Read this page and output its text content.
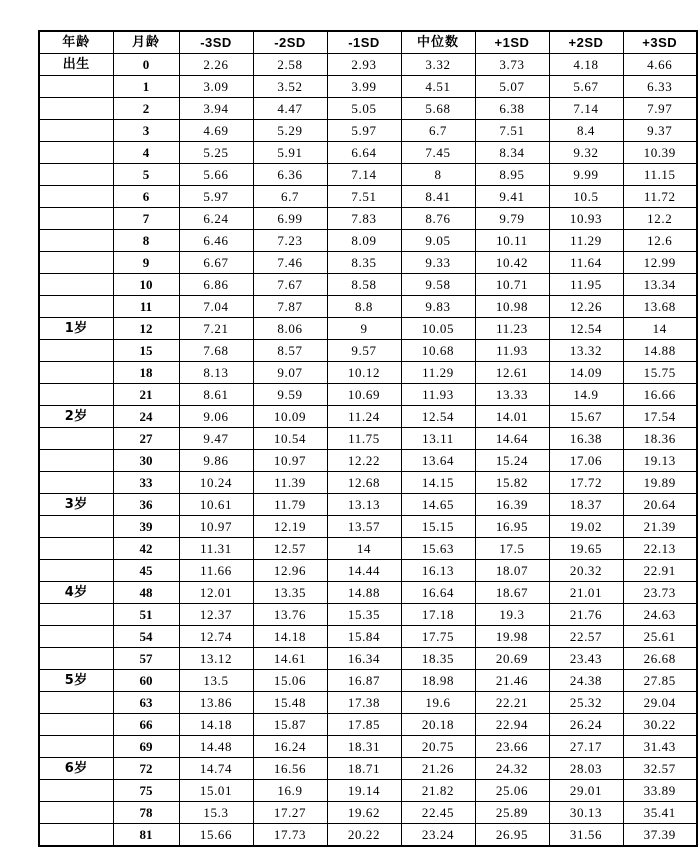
年龄	月龄	-3SD	-2SD	-1SD	中位数	+1SD	+2SD	+3SD
出生	0	2.26	2.58	2.93	3.32	3.73	4.18	4.66
	1	3.09	3.52	3.99	4.51	5.07	5.67	6.33
	2	3.94	4.47	5.05	5.68	6.38	7.14	7.97
	3	4.69	5.29	5.97	6.7	7.51	8.4	9.37
	4	5.25	5.91	6.64	7.45	8.34	9.32	10.39
	5	5.66	6.36	7.14	8	8.95	9.99	11.15
	6	5.97	6.7	7.51	8.41	9.41	10.5	11.72
	7	6.24	6.99	7.83	8.76	9.79	10.93	12.2
	8	6.46	7.23	8.09	9.05	10.11	11.29	12.6
	9	6.67	7.46	8.35	9.33	10.42	11.64	12.99
	10	6.86	7.67	8.58	9.58	10.71	11.95	13.34
	11	7.04	7.87	8.8	9.83	10.98	12.26	13.68
1岁	12	7.21	8.06	9	10.05	11.23	12.54	14
	15	7.68	8.57	9.57	10.68	11.93	13.32	14.88
	18	8.13	9.07	10.12	11.29	12.61	14.09	15.75
	21	8.61	9.59	10.69	11.93	13.33	14.9	16.66
2岁	24	9.06	10.09	11.24	12.54	14.01	15.67	17.54
	27	9.47	10.54	11.75	13.11	14.64	16.38	18.36
	30	9.86	10.97	12.22	13.64	15.24	17.06	19.13
	33	10.24	11.39	12.68	14.15	15.82	17.72	19.89
3岁	36	10.61	11.79	13.13	14.65	16.39	18.37	20.64
	39	10.97	12.19	13.57	15.15	16.95	19.02	21.39
	42	11.31	12.57	14	15.63	17.5	19.65	22.13
	45	11.66	12.96	14.44	16.13	18.07	20.32	22.91
4岁	48	12.01	13.35	14.88	16.64	18.67	21.01	23.73
	51	12.37	13.76	15.35	17.18	19.3	21.76	24.63
	54	12.74	14.18	15.84	17.75	19.98	22.57	25.61
	57	13.12	14.61	16.34	18.35	20.69	23.43	26.68
5岁	60	13.5	15.06	16.87	18.98	21.46	24.38	27.85
	63	13.86	15.48	17.38	19.6	22.21	25.32	29.04
	66	14.18	15.87	17.85	20.18	22.94	26.24	30.22
	69	14.48	16.24	18.31	20.75	23.66	27.17	31.43
6岁	72	14.74	16.56	18.71	21.26	24.32	28.03	32.57
	75	15.01	16.9	19.14	21.82	25.06	29.01	33.89
	78	15.3	17.27	19.62	22.45	25.89	30.13	35.41
	81	15.66	17.73	20.22	23.24	26.95	31.56	37.39
